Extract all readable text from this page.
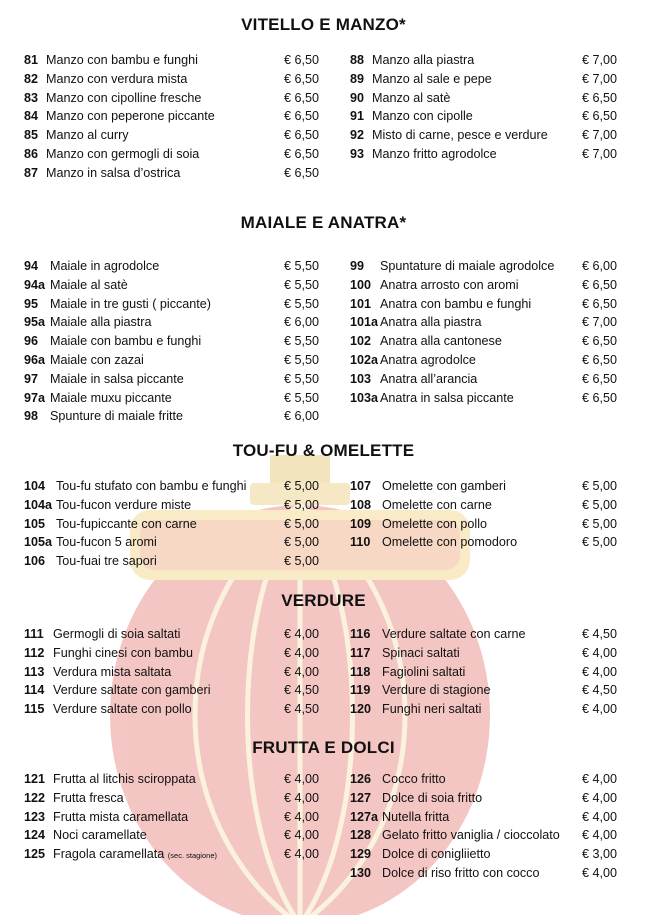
VITELLO E MANZO*
81 Manzo con bambu e funghi	€ 6,50
82 Manzo con verdura mista	€ 6,50
83 Manzo con cipolline fresche	€ 6,50
84 Manzo con peperone piccante	€ 6,50
85 Manzo al curry	€ 6,50
86 Manzo con germogli di soia	€ 6,50
87 Manzo in salsa d’ostrica	€ 6,50
88 Manzo alla piastra	€ 7,00
89 Manzo al sale e pepe	€ 7,00
90 Manzo al satè	€ 6,50
91 Manzo con cipolle	€ 6,50
92 Misto di carne, pesce e verdure	€ 7,00
93 Manzo fritto agrodolce	€ 7,00
MAIALE E ANATRA*
94 Maiale in agrodolce	€ 5,50
94a Maiale al satè	€ 5,50
95 Maiale in tre gusti ( piccante)	€ 5,50
95a Maiale alla piastra	€ 6,00
96 Maiale con bambu e funghi	€ 5,50
96a Maiale con zazai	€ 5,50
97 Maiale in salsa piccante	€ 5,50
97a Maiale muxu piccante	€ 5,50
98 Spunture di maiale fritte	€ 6,00
99 Spuntature di maiale agrodolce € 6,00
100 Anatra arrosto con aromi	€ 6,50
101 Anatra con bambu e funghi	€ 6,50
101a Anatra alla piastra	€ 7,00
102 Anatra alla cantonese	€ 6,50
102a Anatra agrodolce	€ 6,50
103 Anatra all’arancia	€ 6,50
103a Anatra in salsa piccante	€ 6,50
TOU-FU & OMELETTE
104 Tou-fu stufato con bambu e funghi	€ 5,00
104a Tou-fucon verdure miste	€ 5,00
105 Tou-fupiccante con carne	€ 5,00
105a Tou-fucon 5 aromi	€ 5,00
106 Tou-fuai tre sapori	€ 5,00
107 Omelette con gamberi	€ 5,00
108 Omelette con carne	€ 5,00
109 Omelette con pollo	€ 5,00
110 Omelette con pomodoro	€ 5,00
VERDURE
111 Germogli di soia saltati	€ 4,00
112 Funghi cinesi con bambu	€ 4,00
113 Verdura mista saltata	€ 4,00
114 Verdure saltate con gamberi	€ 4,50
115 Verdure saltate con pollo	€ 4,50
116 Verdure saltate con carne	€ 4,50
117 Spinaci saltati	€ 4,00
118 Fagiolini saltati	€ 4,00
119 Verdure di stagione	€ 4,50
120 Funghi neri saltati	€ 4,00
FRUTTA E DOLCI
121 Frutta al litchis sciroppata	€ 4,00
122 Frutta fresca	€ 4,00
123 Frutta mista caramellata	€ 4,00
124 Noci caramellate	€ 4,00
125 Fragola caramellata (sec. stagione)	€ 4,00
126 Cocco fritto	€ 4,00
127 Dolce di soia fritto	€ 4,00
127a Nutella fritta	€ 4,00
128 Gelato fritto vaniglia / cioccolato € 4,00
129 Dolce di conigliietto	€ 3,00
130 Dolce di riso fritto con cocco	€ 4,00
